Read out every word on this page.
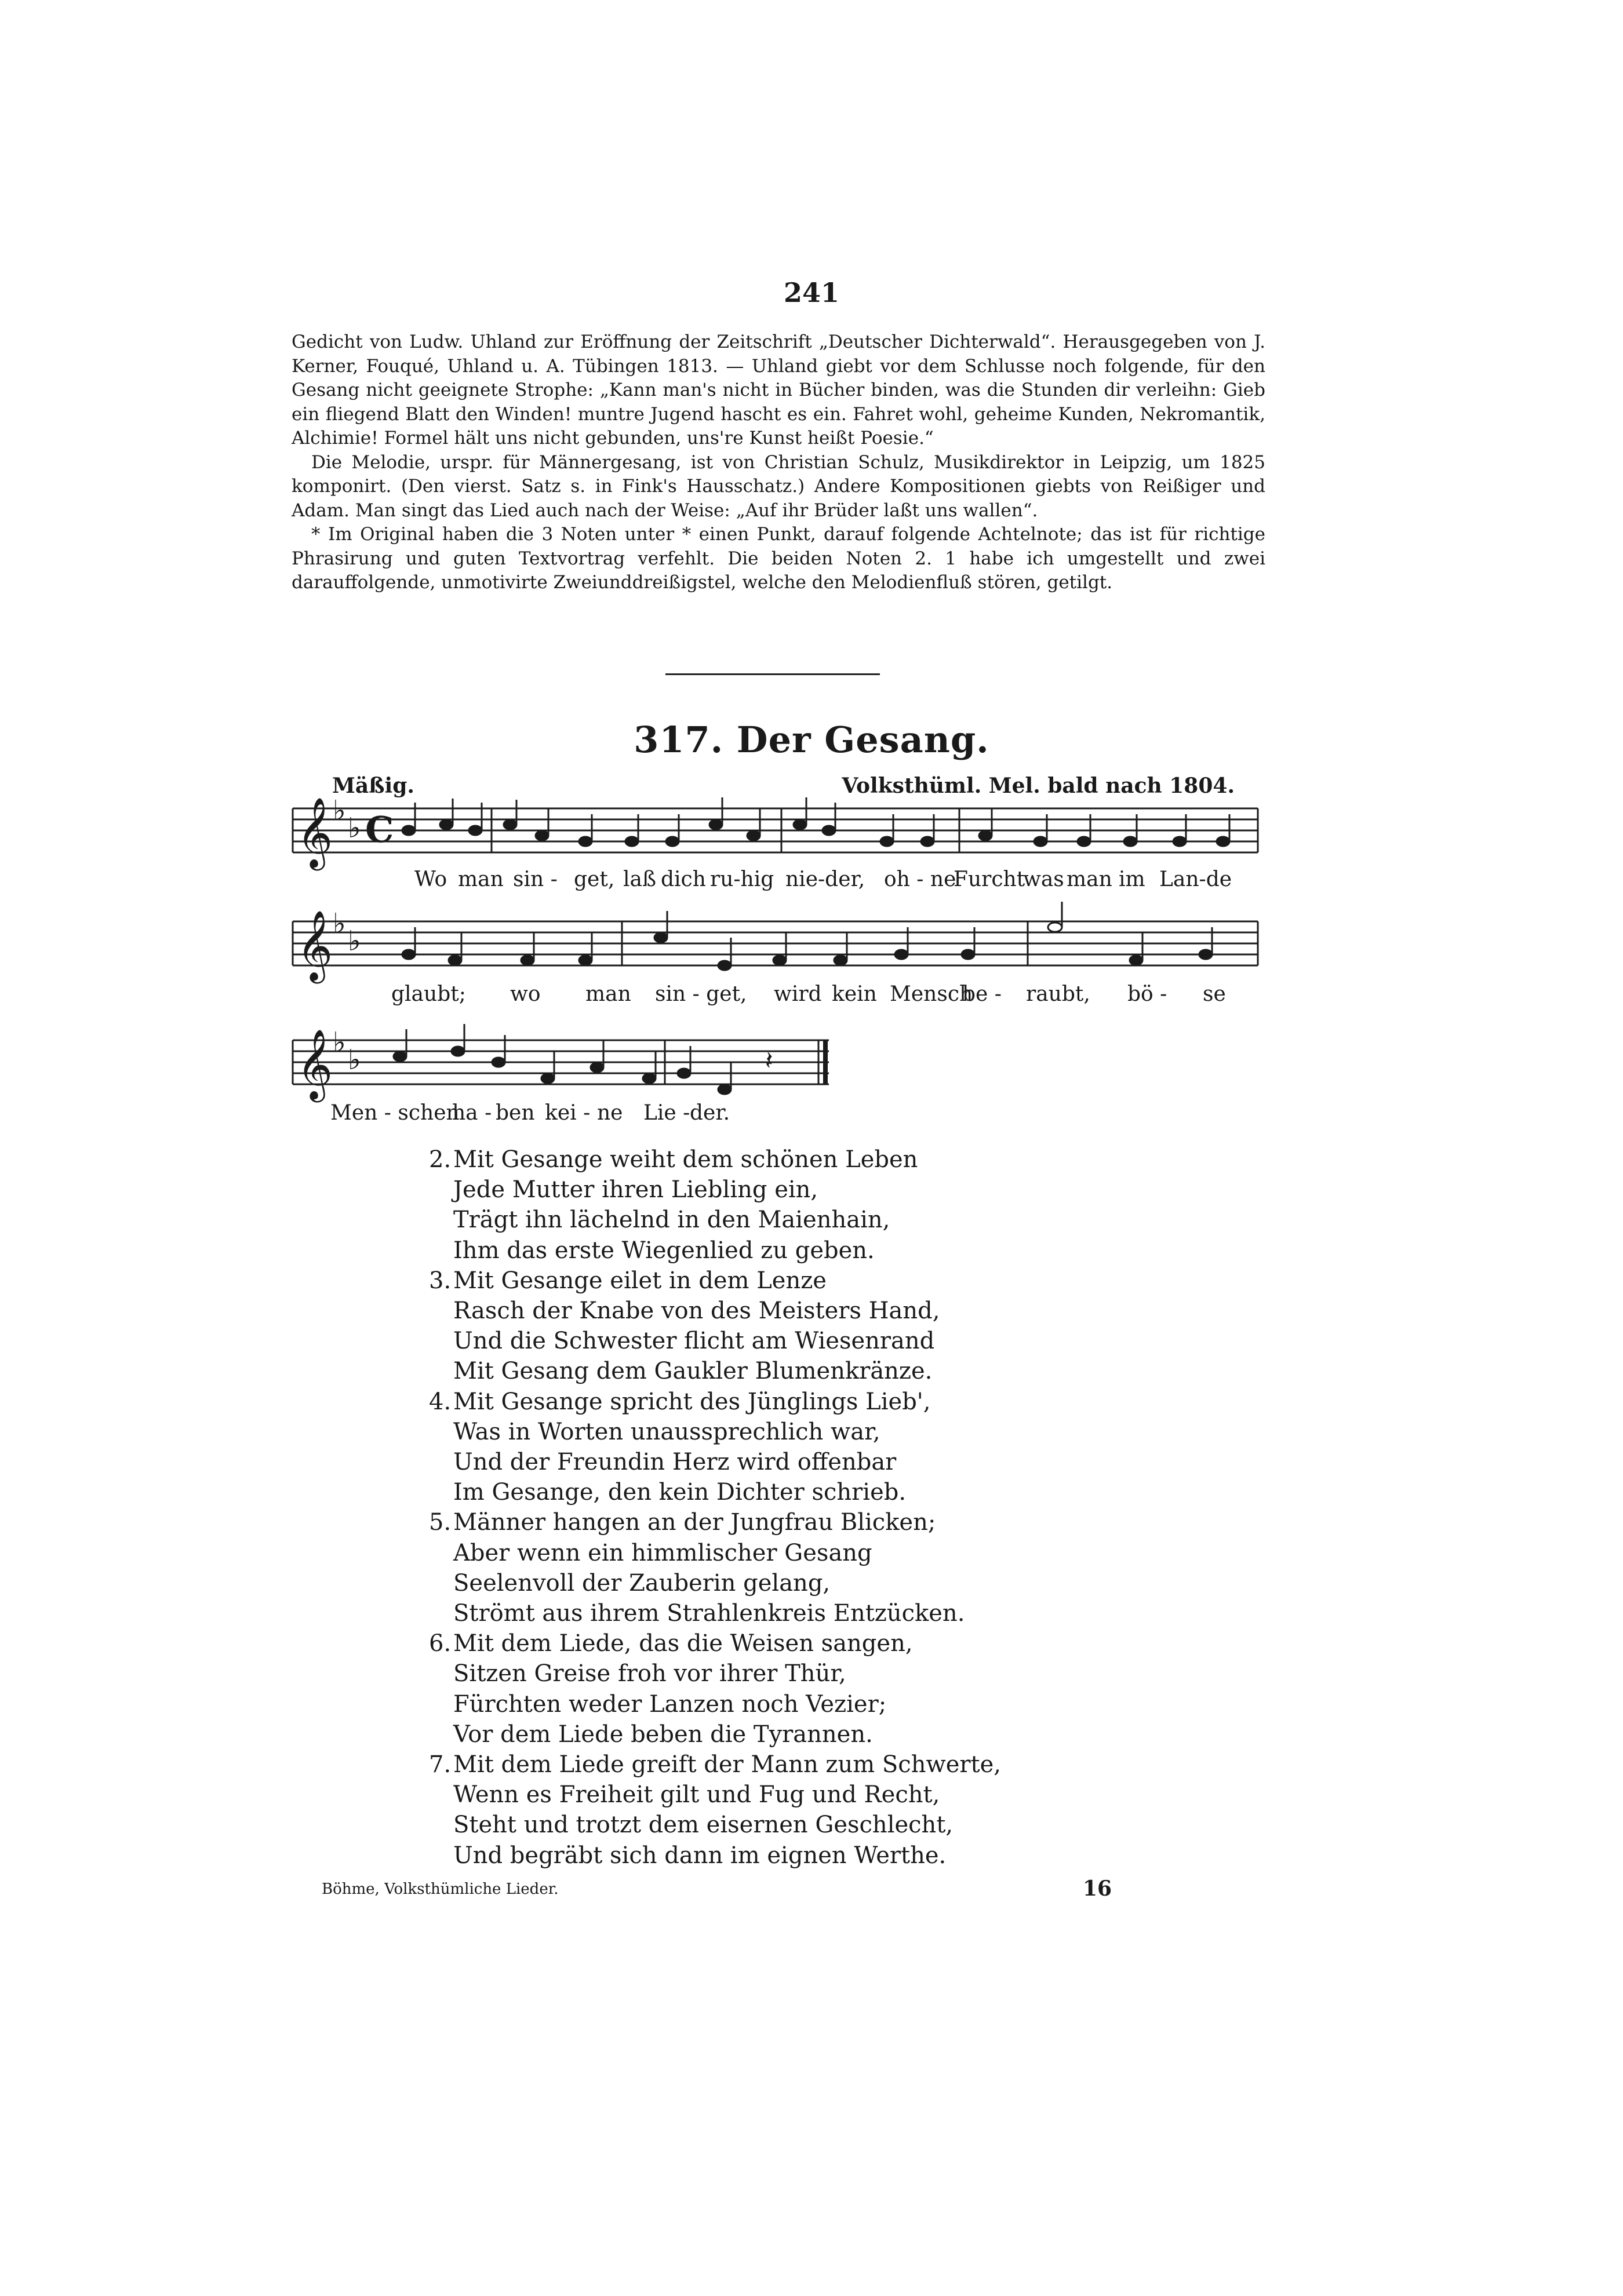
241

Gedicht von Ludw. Uhland zur Eröffnung der Zeitschrift „Deutscher Dichterwald“. Herausgegeben von J. Kerner, Fouqué, Uhland u. A. Tübingen 1813. — Uhland giebt vor dem Schlusse noch folgende, für den Gesang nicht geeignete Strophe: „Kann man's nicht in Bücher binden, was die Stunden dir verleihn: Gieb ein fliegend Blatt den Winden! muntre Jugend hascht es ein. Fahret wohl, geheime Kunden, Nekromantik, Alchimie! Formel hält uns nicht gebunden, uns're Kunst heißt Poesie.“

Die Melodie, urspr. für Männergesang, ist von Christian Schulz, Musikdirektor in Leipzig, um 1825 komponirt. (Den vierst. Satz s. in Fink's Hausschatz.) Andere Kompositionen giebts von Reißiger und Adam. Man singt das Lied auch nach der Weise: „Auf ihr Brüder laßt uns wallen“.

* Im Original haben die 3 Noten unter * einen Punkt, darauf folgende Achtelnote; das ist für richtige Phrasirung und guten Textvortrag verfehlt. Die beiden Noten 2. 1 habe ich umgestellt und zwei darauffolgende, unmotivirte Zweiunddreißigstel, welche den Melodienfluß stören, getilgt.

317. Der Gesang.
Mäßig.	Volksthüml. Mel. bald nach 1804.
𝄞
𝄞
𝄞
♭
♭
♭
♭
♭
♭
C
𝄽
Wo man sin - get, laß dich ru-hig nie-der, oh - ne
Furcht
was man im Lan-de
glaubt; wo man sin - get, wird kein Mensch
be - raubt, bö - se
Men - schen
ha - ben kei - ne Lie - der.
2.Mit Gesange weiht dem schönen Leben
Jede Mutter ihren Liebling ein,
Trägt ihn lächelnd in den Maienhain,
Ihm das erste Wiegenlied zu geben.
3.Mit Gesange eilet in dem Lenze
Rasch der Knabe von des Meisters Hand,
Und die Schwester flicht am Wiesenrand
Mit Gesang dem Gaukler Blumenkränze.
4.Mit Gesange spricht des Jünglings Lieb',
Was in Worten unaussprechlich war,
Und der Freundin Herz wird offenbar
Im Gesange, den kein Dichter schrieb.
5.Männer hangen an der Jungfrau Blicken;
Aber wenn ein himmlischer Gesang
Seelenvoll der Zauberin gelang,
Strömt aus ihrem Strahlenkreis Entzücken.
6.Mit dem Liede, das die Weisen sangen,
Sitzen Greise froh vor ihrer Thür,
Fürchten weder Lanzen noch Vezier;
Vor dem Liede beben die Tyrannen.
7.Mit dem Liede greift der Mann zum Schwerte,
Wenn es Freiheit gilt und Fug und Recht,
Steht und trotzt dem eisernen Geschlecht,
Und begräbt sich dann im eignen Werthe.
Böhme, Volksthümliche Lieder.	16
